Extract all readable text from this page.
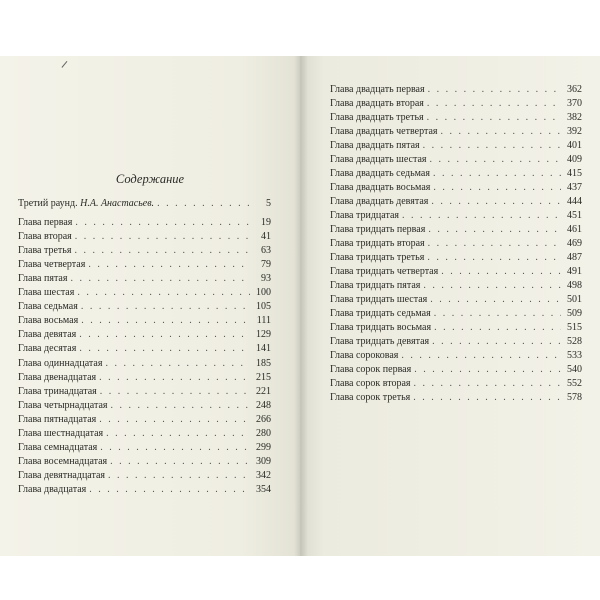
Содержание
Третий раунд. Н.А. Анастасьев. . . .	5
Глава первая . . .	19
Глава вторая . . .	41
Глава третья . . .	63
Глава четвертая . . .	79
Глава пятая . . .	93
Глава шестая . . .	100
Глава седьмая . . .	105
Глава восьмая . . .	111
Глава девятая . . .	129
Глава десятая . . .	141
Глава одиннадцатая . . .	185
Глава двенадцатая . . .	215
Глава тринадцатая . . .	221
Глава четырнадцатая . . .	248
Глава пятнадцатая . . .	266
Глава шестнадцатая . . .	280
Глава семнадцатая . . .	299
Глава восемнадцатая . . .	309
Глава девятнадцатая . . .	342
Глава двадцатая . . .	354
Глава двадцать первая . . .	362
Глава двадцать вторая . . .	370
Глава двадцать третья . . .	382
Глава двадцать четвертая . . .	392
Глава двадцать пятая . . .	401
Глава двадцать шестая . . .	409
Глава двадцать седьмая . . .	415
Глава двадцать восьмая . . .	437
Глава двадцать девятая . . .	444
Глава тридцатая . . .	451
Глава тридцать первая . . .	461
Глава тридцать вторая . . .	469
Глава тридцать третья . . .	487
Глава тридцать четвертая . . .	491
Глава тридцать пятая . . .	498
Глава тридцать шестая . . .	501
Глава тридцать седьмая . . .	509
Глава тридцать восьмая . . .	515
Глава тридцать девятая . . .	528
Глава сороковая . . .	533
Глава сорок первая . . .	540
Глава сорок вторая . . .	552
Глава сорок третья . . .	578
